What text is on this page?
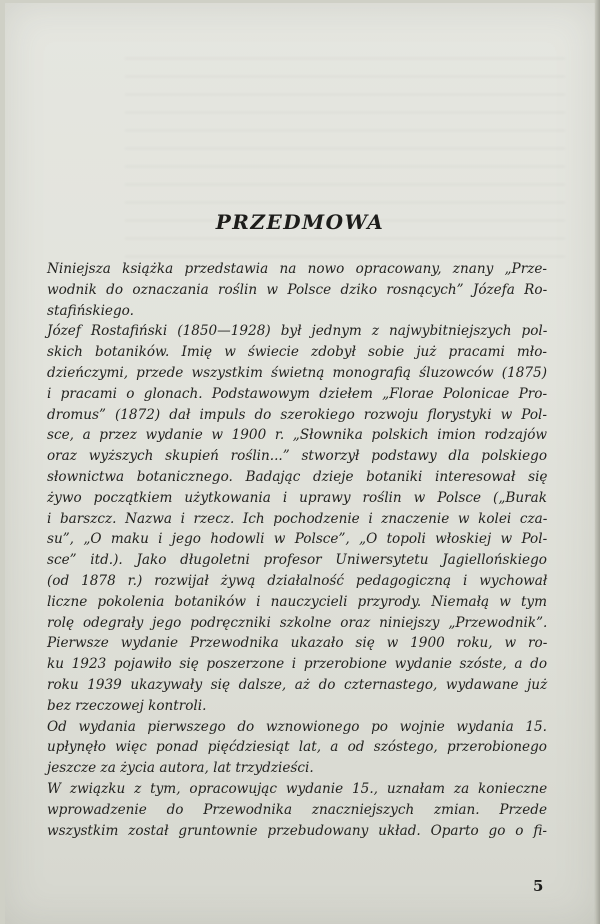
PRZEDMOWA
Niniejsza książka przedstawia na nowo opracowany, znany „Prze-
wodnik do oznaczania roślin w Polsce dziko rosnących” Józefa Ro-
stafińskiego.
Józef Rostafiński (1850—1928) był jednym z najwybitniejszych pol-
skich botaników. Imię w świecie zdobył sobie już pracami mło-
dzieńczymi, przede wszystkim świetną monografią śluzowców (1875)
i pracami o glonach. Podstawowym dziełem „Florae Polonicae Pro-
dromus” (1872) dał impuls do szerokiego rozwoju florystyki w Pol-
sce, a przez wydanie w 1900 r. „Słownika polskich imion rodzajów
oraz wyższych skupień roślin...” stworzył podstawy dla polskiego
słownictwa botanicznego. Badając dzieje botaniki interesował się
żywo początkiem użytkowania i uprawy roślin w Polsce („Burak
i barszcz. Nazwa i rzecz. Ich pochodzenie i znaczenie w kolei cza-
su”, „O maku i jego hodowli w Polsce”, „O topoli włoskiej w Pol-
sce” itd.). Jako długoletni profesor Uniwersytetu Jagiellońskiego
(od 1878 r.) rozwijał żywą działalność pedagogiczną i wychował
liczne pokolenia botaników i nauczycieli przyrody. Niemałą w tym
rolę odegrały jego podręczniki szkolne oraz niniejszy „Przewodnik”.
Pierwsze wydanie Przewodnika ukazało się w 1900 roku, w ro-
ku 1923 pojawiło się poszerzone i przerobione wydanie szóste, a do
roku 1939 ukazywały się dalsze, aż do czternastego, wydawane już
bez rzeczowej kontroli.
Od wydania pierwszego do wznowionego po wojnie wydania 15.
upłynęło więc ponad pięćdziesiąt lat, a od szóstego, przerobionego
jeszcze za życia autora, lat trzydzieści.
W związku z tym, opracowując wydanie 15., uznałam za konieczne
wprowadzenie do Przewodnika znaczniejszych zmian. Przede
wszystkim został gruntownie przebudowany układ. Oparto go o fi-
5
